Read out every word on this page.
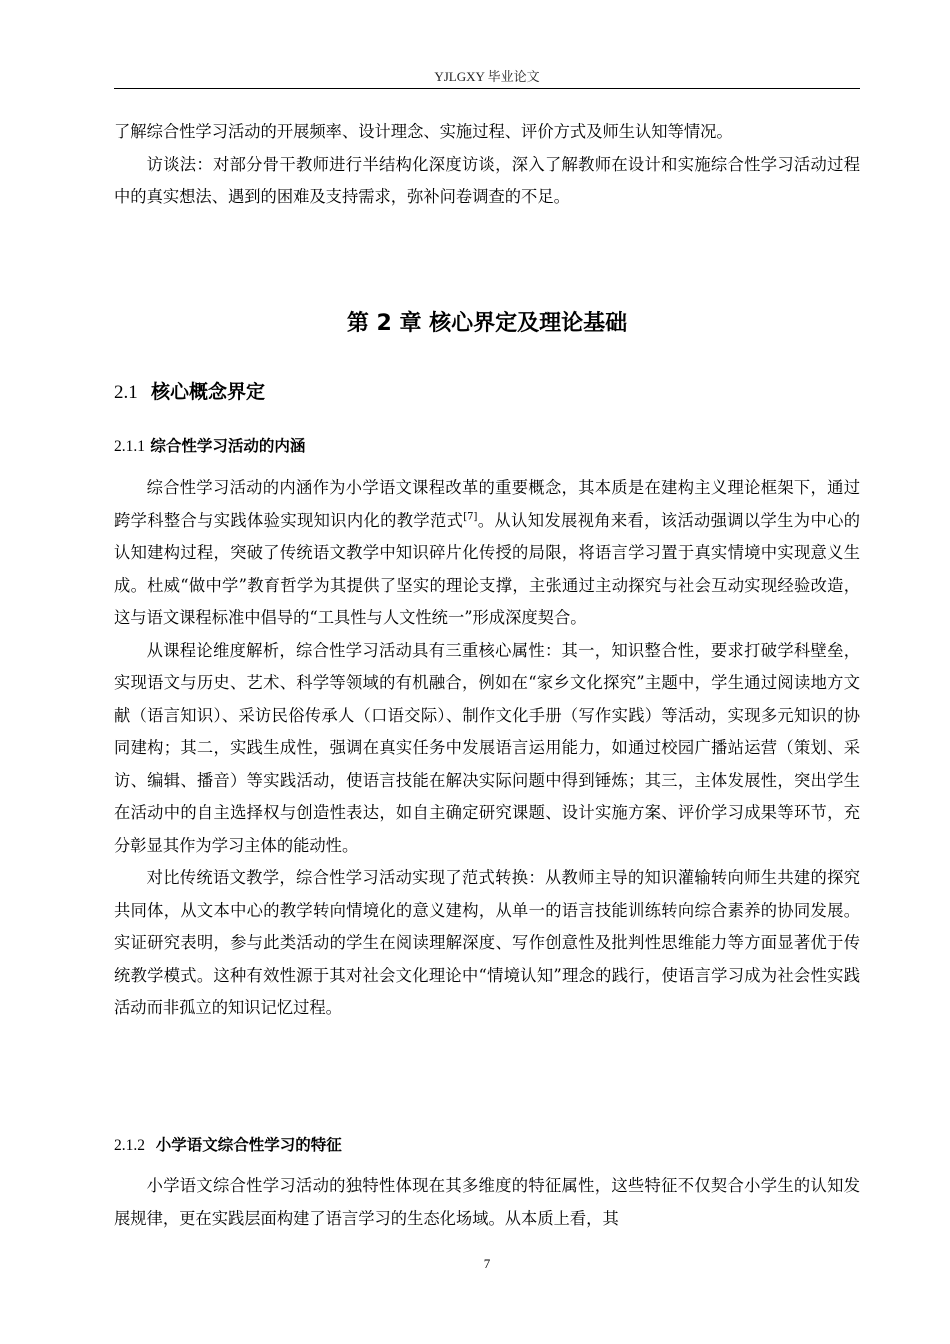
YJLGXY 毕业论文

了解综合性学习活动的开展频率、设计理念、实施过程、评价方式及师生认知等情况。

访谈法：对部分骨干教师进行半结构化深度访谈，深入了解教师在设计和实施综合性学习活动过程中的真实想法、遇到的困难及支持需求，弥补问卷调查的不足。

第 2 章 核心界定及理论基础
2.1 核心概念界定
2.1.1 综合性学习活动的内涵

综合性学习活动的内涵作为小学语文课程改革的重要概念，其本质是在建构主义理论框架下，通过跨学科整合与实践体验实现知识内化的教学范式[7]。从认知发展视角来看，该活动强调以学生为中心的认知建构过程，突破了传统语文教学中知识碎片化传授的局限，将语言学习置于真实情境中实现意义生成。杜威“做中学”教育哲学为其提供了坚实的理论支撑，主张通过主动探究与社会互动实现经验改造，这与语文课程标准中倡导的“工具性与人文性统一”形成深度契合。

从课程论维度解析，综合性学习活动具有三重核心属性：其一，知识整合性，要求打破学科壁垒，实现语文与历史、艺术、科学等领域的有机融合，例如在“家乡文化探究”主题中，学生通过阅读地方文献（语言知识）、采访民俗传承人（口语交际）、制作文化手册（写作实践）等活动，实现多元知识的协同建构；其二，实践生成性，强调在真实任务中发展语言运用能力，如通过校园广播站运营（策划、采访、编辑、播音）等实践活动，使语言技能在解决实际问题中得到锤炼；其三，主体发展性，突出学生在活动中的自主选择权与创造性表达，如自主确定研究课题、设计实施方案、评价学习成果等环节，充分彰显其作为学习主体的能动性。

对比传统语文教学，综合性学习活动实现了范式转换：从教师主导的知识灌输转向师生共建的探究共同体，从文本中心的教学转向情境化的意义建构，从单一的语言技能训练转向综合素养的协同发展。实证研究表明，参与此类活动的学生在阅读理解深度、写作创意性及批判性思维能力等方面显著优于传统教学模式。这种有效性源于其对社会文化理论中“情境认知”理念的践行，使语言学习成为社会性实践活动而非孤立的知识记忆过程。

2.1.2 小学语文综合性学习的特征

小学语文综合性学习活动的独特性体现在其多维度的特征属性，这些特征不仅契合小学生的认知发展规律，更在实践层面构建了语言学习的生态化场域。从本质上看，其

7
